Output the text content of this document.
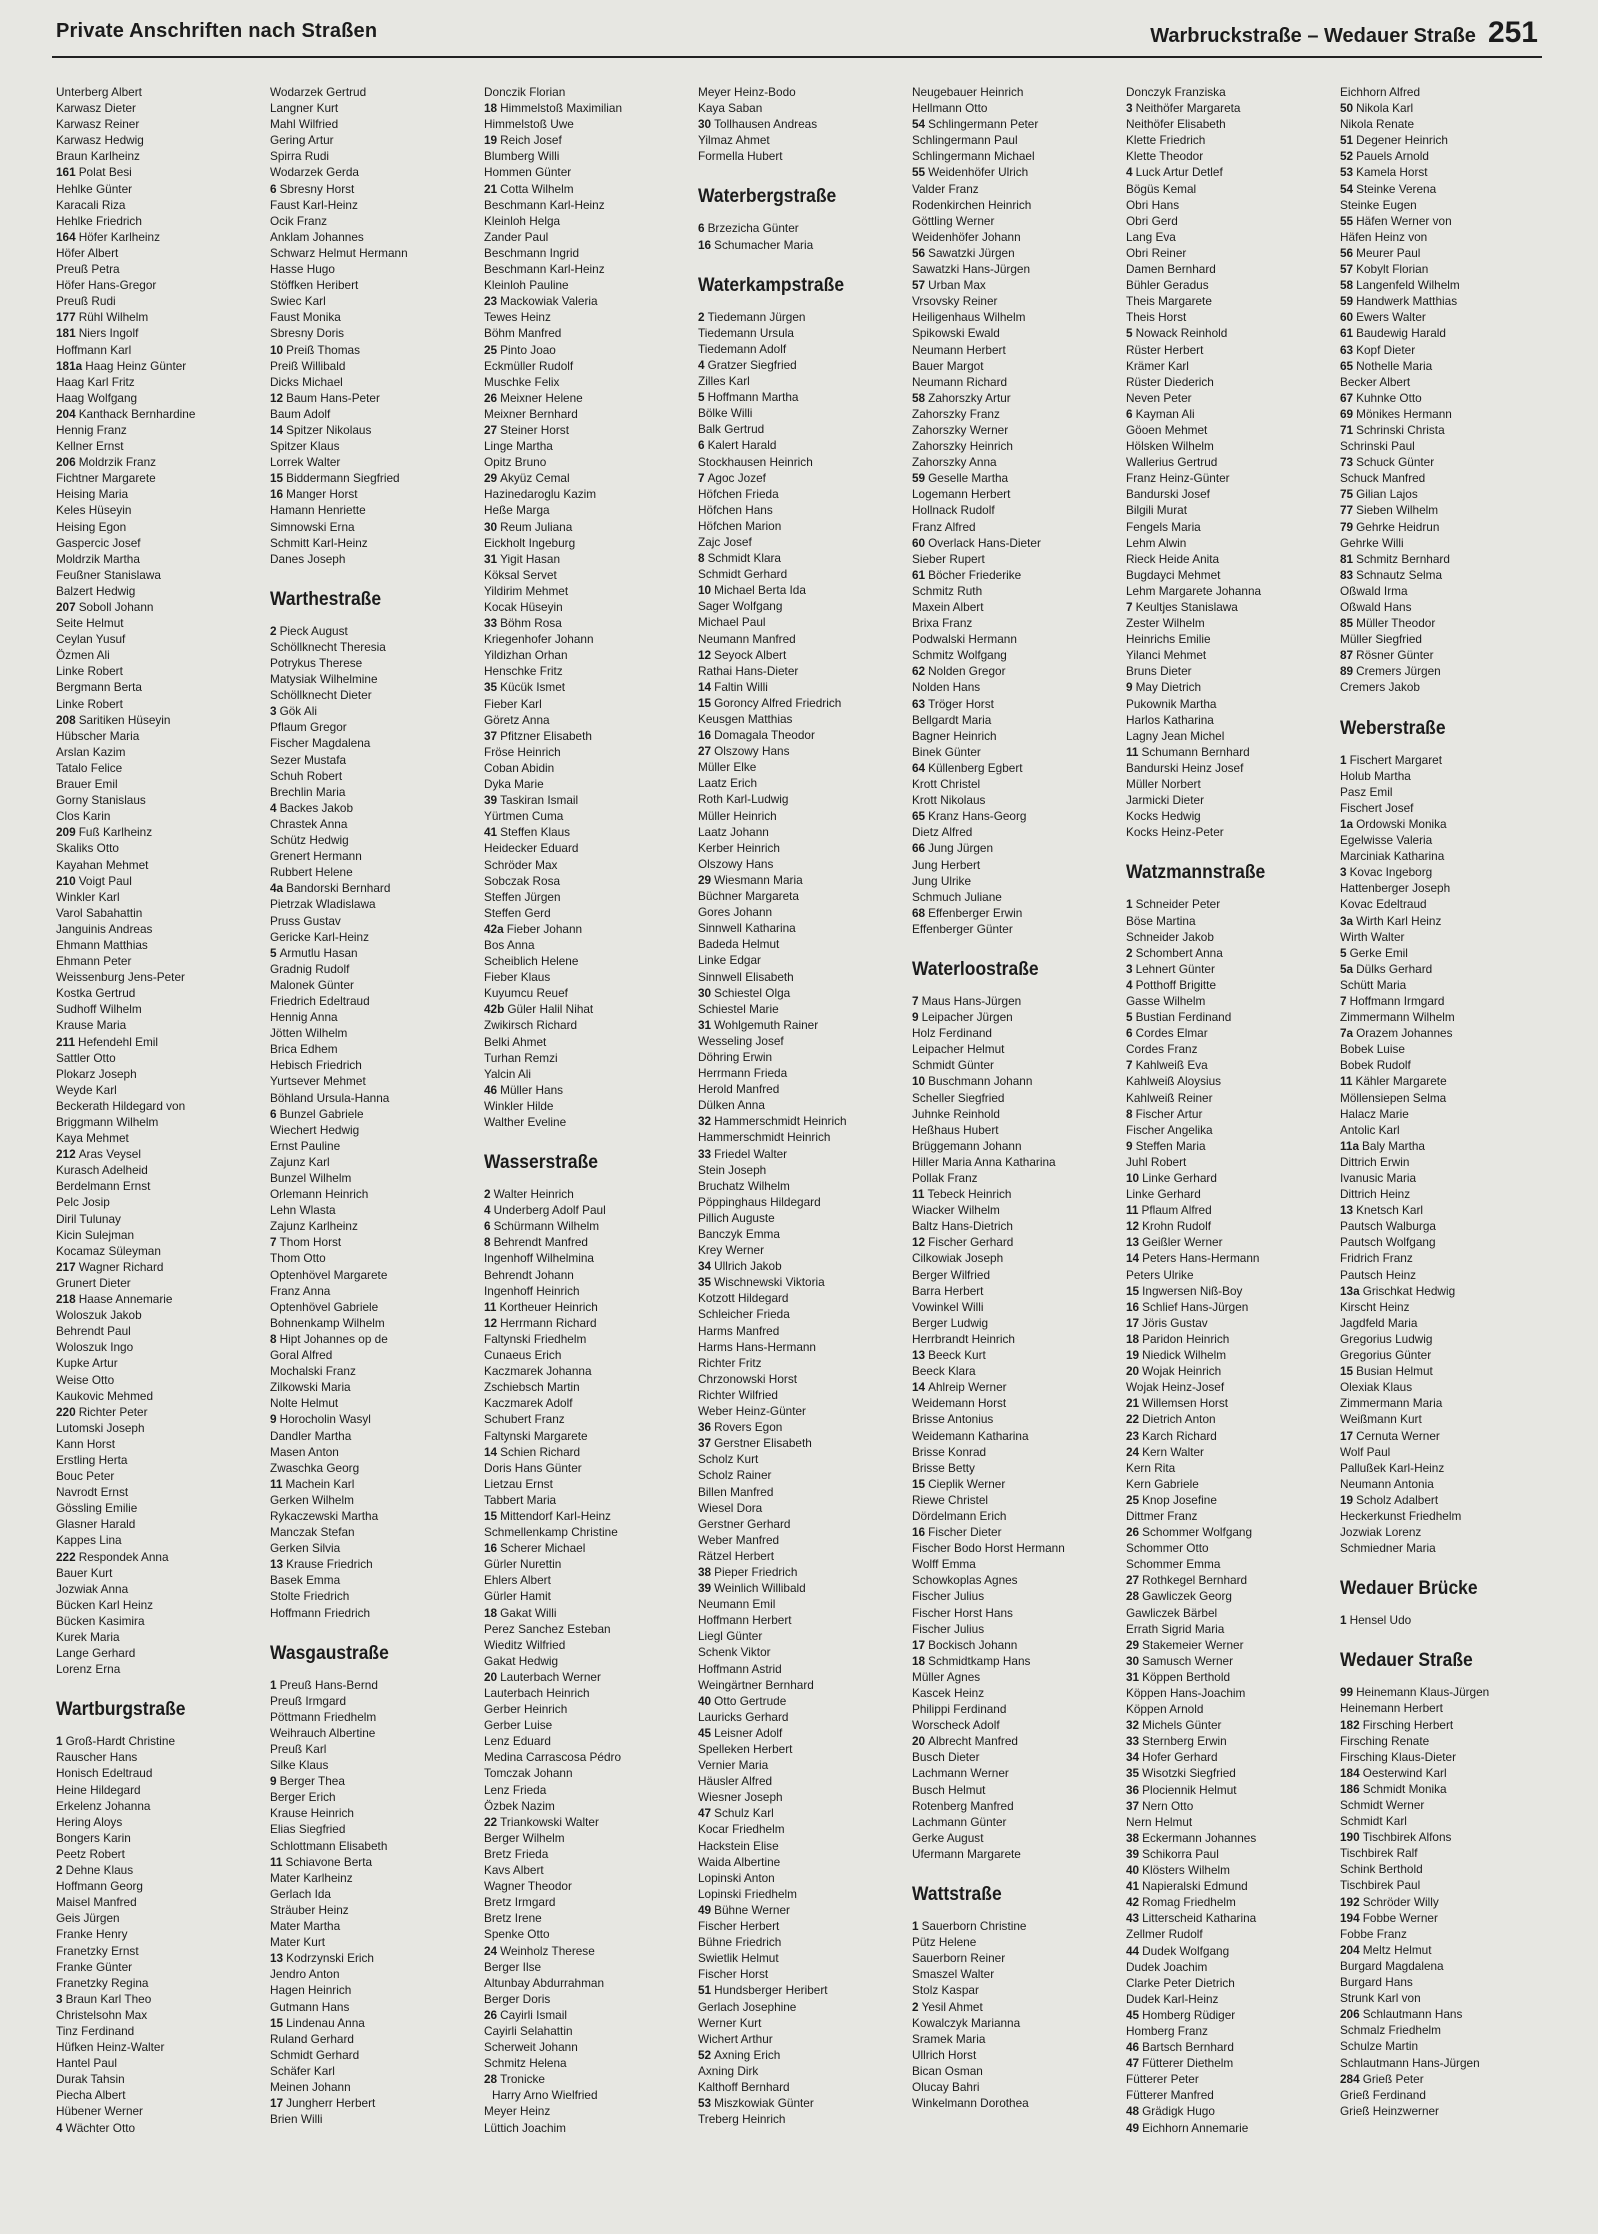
Private Anschriften nach Straßen	Warbruckstraße – Wedauer Straße 251
Unterberg Albert
Karwasz Dieter
Karwasz Reiner
Karwasz Hedwig
Braun Karlheinz
161 Polat Besi
Hehlke Günter
Karacali Riza
Hehlke Friedrich
164 Höfer Karlheinz
Höfer Albert
Preuß Petra
Höfer Hans-Gregor
Preuß Rudi
177 Rühl Wilhelm
181 Niers Ingolf
Hoffmann Karl
181a Haag Heinz Günter
Haag Karl Fritz
Haag Wolfgang
204 Kanthack Bernhardine
Hennig Franz
Kellner Ernst
206 Moldrzik Franz
Fichtner Margarete
Heising Maria
Keles Hüseyin
Heising Egon
Gaspercic Josef
Moldrzik Martha
Feußner Stanislawa
Balzert Hedwig
207 Soboll Johann
Seite Helmut
Ceylan Yusuf
Özmen Ali
Linke Robert
Bergmann Berta
Linke Robert
208 Saritiken Hüseyin
Hübscher Maria
Arslan Kazim
Tatalo Felice
Brauer Emil
Gorny Stanislaus
Clos Karin
209 Fuß Karlheinz
Skaliks Otto
Kayahan Mehmet
210 Voigt Paul
Winkler Karl
Varol Sabahattin
Janguinis Andreas
Ehmann Matthias
Ehmann Peter
Weissenburg Jens-Peter
Kostka Gertrud
Sudhoff Wilhelm
Krause Maria
211 Hefendehl Emil
Sattler Otto
Plokarz Joseph
Weyde Karl
Beckerath Hildegard von
Briggmann Wilhelm
Kaya Mehmet
212 Aras Veysel
Kurasch Adelheid
Berdelmann Ernst
Pelc Josip
Diril Tulunay
Kicin Sulejman
Kocamaz Süleyman
217 Wagner Richard
Grunert Dieter
218 Haase Annemarie
Woloszuk Jakob
Behrendt Paul
Woloszuk Ingo
Kupke Artur
Weise Otto
Kaukovic Mehmed
220 Richter Peter
Lutomski Joseph
Kann Horst
Erstling Herta
Bouc Peter
Navrodt Ernst
Gössling Emilie
Glasner Harald
Kappes Lina
222 Respondek Anna
Bauer Kurt
Jozwiak Anna
Bücken Karl Heinz
Bücken Kasimira
Kurek Maria
Lange Gerhard
Lorenz Erna
Wartburgstraße
1 Groß-Hardt Christine
Rauscher Hans
Honisch Edeltraud
Heine Hildegard
Erkelenz Johanna
Hering Aloys
Bongers Karin
Peetz Robert
2 Dehne Klaus
Hoffmann Georg
Maisel Manfred
Geis Jürgen
Franke Henry
Franetzky Ernst
Franke Günter
Franetzky Regina
3 Braun Karl Theo
Christelsohn Max
Tinz Ferdinand
Hüfken Heinz-Walter
Hantel Paul
Durak Tahsin
Piecha Albert
Hübener Werner
4 Wächter Otto
Wodarzek Gertrud
Langner Kurt
Mahl Wilfried
Gering Artur
Spirra Rudi
Wodarzek Gerda
6 Sbresny Horst
Faust Karl-Heinz
Ocik Franz
Anklam Johannes
Schwarz Helmut Hermann
Hasse Hugo
Stöffken Heribert
Swiec Karl
Faust Monika
Sbresny Doris
10 Preiß Thomas
Preiß Willibald
Dicks Michael
12 Baum Hans-Peter
Baum Adolf
14 Spitzer Nikolaus
Spitzer Klaus
Lorrek Walter
15 Biddermann Siegfried
16 Manger Horst
Hamann Henriette
Simnowski Erna
Schmitt Karl-Heinz
Danes Joseph
Warthestraße
2 Pieck August
Schöllknecht Theresia
Potrykus Therese
Matysiak Wilhelmine
Schöllknecht Dieter
3 Gök Ali
Pflaum Gregor
Fischer Magdalena
Sezer Mustafa
Schuh Robert
Brechlin Maria
4 Backes Jakob
Chrastek Anna
Schütz Hedwig
Grenert Hermann
Rubbert Helene
4a Bandorski Bernhard
Pietrzak Wladislawa
Pruss Gustav
Gericke Karl-Heinz
5 Armutlu Hasan
Gradnig Rudolf
Malonek Günter
Friedrich Edeltraud
Hennig Anna
Jötten Wilhelm
Brica Edhem
Hebisch Friedrich
Yurtsever Mehmet
Böhland Ursula-Hanna
6 Bunzel Gabriele
Wiechert Hedwig
Ernst Pauline
Zajunz Karl
Bunzel Wilhelm
Orlemann Heinrich
Lehn Wlasta
Zajunz Karlheinz
7 Thom Horst
Thom Otto
Optenhövel Margarete
Franz Anna
Optenhövel Gabriele
Bohnenkamp Wilhelm
8 Hipt Johannes op de
Goral Alfred
Mochalski Franz
Zilkowski Maria
Nolte Helmut
9 Horocholin Wasyl
Dandler Martha
Masen Anton
Zwaschka Georg
11 Machein Karl
Gerken Wilhelm
Rykaczewski Martha
Manczak Stefan
Gerken Silvia
13 Krause Friedrich
Basek Emma
Stolte Friedrich
Hoffmann Friedrich
Wasgaustraße
1 Preuß Hans-Bernd
Preuß Irmgard
Pöttmann Friedhelm
Weihrauch Albertine
Preuß Karl
Silke Klaus
9 Berger Thea
Berger Erich
Krause Heinrich
Elias Siegfried
Schlottmann Elisabeth
11 Schiavone Berta
Mater Karlheinz
Gerlach Ida
Sträuber Heinz
Mater Martha
Mater Kurt
13 Kodrzynski Erich
Jendro Anton
Hagen Heinrich
Gutmann Hans
15 Lindenau Anna
Ruland Gerhard
Schmidt Gerhard
Schäfer Karl
Meinen Johann
17 Jungherr Herbert
Brien Willi
Donczik Florian
18 Himmelstoß Maximilian
Himmelstoß Uwe
19 Reich Josef
Blumberg Willi
Hommen Günter
21 Cotta Wilhelm
Beschmann Karl-Heinz
Kleinloh Helga
Zander Paul
Beschmann Ingrid
Beschmann Karl-Heinz
Kleinloh Pauline
23 Mackowiak Valeria
Tewes Heinz
Böhm Manfred
25 Pinto Joao
Eckmüller Rudolf
Muschke Felix
26 Meixner Helene
Meixner Bernhard
27 Steiner Horst
Linge Martha
Opitz Bruno
29 Akyüz Cemal
Hazinedaroglu Kazim
Heße Marga
30 Reum Juliana
Eickholt Ingeburg
31 Yigit Hasan
Köksal Servet
Yildirim Mehmet
Kocak Hüseyin
33 Böhm Rosa
Kriegenhofer Johann
Yildizhan Orhan
Henschke Fritz
35 Kücük Ismet
Fieber Karl
Göretz Anna
37 Pfitzner Elisabeth
Fröse Heinrich
Coban Abidin
Dyka Marie
39 Taskiran Ismail
Yürtmen Cuma
41 Steffen Klaus
Heidecker Eduard
Schröder Max
Sobczak Rosa
Steffen Jürgen
Steffen Gerd
42a Fieber Johann
Bos Anna
Scheiblich Helene
Fieber Klaus
Kuyumcu Reuef
42b Güler Halil Nihat
Zwikirsch Richard
Belki Ahmet
Turhan Remzi
Yalcin Ali
46 Müller Hans
Winkler Hilde
Walther Eveline
Wasserstraße
2 Walter Heinrich
4 Underberg Adolf Paul
6 Schürmann Wilhelm
8 Behrendt Manfred
Ingenhoff Wilhelmina
Behrendt Johann
Ingenhoff Heinrich
11 Kortheuer Heinrich
12 Herrmann Richard
Faltynski Friedhelm
Cunaeus Erich
Kaczmarek Johanna
Zschiebsch Martin
Kaczmarek Adolf
Schubert Franz
Faltynski Margarete
14 Schien Richard
Doris Hans Günter
Lietzau Ernst
Tabbert Maria
15 Mittendorf Karl-Heinz
Schmellenkamp Christine
16 Scherer Michael
Gürler Nurettin
Ehlers Albert
Gürler Hamit
18 Gakat Willi
Perez Sanchez Esteban
Wieditz Wilfried
Gakat Hedwig
20 Lauterbach Werner
Lauterbach Heinrich
Gerber Heinrich
Gerber Luise
Lenz Eduard
Medina Carrascosa Pédro
Tomczak Johann
Lenz Frieda
Özbek Nazim
22 Triankowski Walter
Berger Wilhelm
Bretz Frieda
Kavs Albert
Wagner Theodor
Bretz Irmgard
Bretz Irene
Spenke Otto
24 Weinholz Therese
Berger Ilse
Altunbay Abdurrahman
Berger Doris
26 Cayirli Ismail
Cayirli Selahattin
Scherweit Johann
Schmitz Helena
28 Tronicke
Harry Arno Wielfried
Meyer Heinz
Lüttich Joachim
Meyer Heinz-Bodo
Kaya Saban
30 Tollhausen Andreas
Yilmaz Ahmet
Formella Hubert
Waterbergstraße
6 Brzezicha Günter
16 Schumacher Maria
Waterkampstraße
2 Tiedemann Jürgen
Tiedemann Ursula
Tiedemann Adolf
4 Gratzer Siegfried
Zilles Karl
5 Hoffmann Martha
Bölke Willi
Balk Gertrud
6 Kalert Harald
Stockhausen Heinrich
7 Agoc Jozef
Höfchen Frieda
Höfchen Hans
Höfchen Marion
Zajc Josef
8 Schmidt Klara
Schmidt Gerhard
10 Michael Berta Ida
Sager Wolfgang
Michael Paul
Neumann Manfred
12 Seyock Albert
Rathai Hans-Dieter
14 Faltin Willi
15 Goroncy Alfred Friedrich
Keusgen Matthias
16 Domagala Theodor
27 Olszowy Hans
Müller Elke
Laatz Erich
Roth Karl-Ludwig
Müller Heinrich
Laatz Johann
Kerber Heinrich
Olszowy Hans
29 Wiesmann Maria
Büchner Margareta
Gores Johann
Sinnwell Katharina
Badeda Helmut
Linke Edgar
Sinnwell Elisabeth
30 Schiestel Olga
Schiestel Marie
31 Wohlgemuth Rainer
Wesseling Josef
Döhring Erwin
Herrmann Frieda
Herold Manfred
Dülken Anna
32 Hammerschmidt Heinrich
Hammerschmidt Heinrich
33 Friedel Walter
Stein Joseph
Bruchatz Wilhelm
Pöppinghaus Hildegard
Pillich Auguste
Banczyk Emma
Krey Werner
34 Ullrich Jakob
35 Wischnewski Viktoria
Kotzott Hildegard
Schleicher Frieda
Harms Manfred
Harms Hans-Hermann
Richter Fritz
Chrzonowski Horst
Richter Wilfried
Weber Heinz-Günter
36 Rovers Egon
37 Gerstner Elisabeth
Scholz Kurt
Scholz Rainer
Billen Manfred
Wiesel Dora
Gerstner Gerhard
Weber Manfred
Rätzel Herbert
38 Pieper Friedrich
39 Weinlich Willibald
Neumann Emil
Hoffmann Herbert
Liegl Günter
Schenk Viktor
Hoffmann Astrid
Weingärtner Bernhard
40 Otto Gertrude
Lauricks Gerhard
45 Leisner Adolf
Spelleken Herbert
Vernier Maria
Häusler Alfred
Wiesner Joseph
47 Schulz Karl
Kocar Friedhelm
Hackstein Elise
Waida Albertine
Lopinski Anton
Lopinski Friedhelm
49 Bühne Werner
Fischer Herbert
Bühne Friedrich
Swietlik Helmut
Fischer Horst
51 Hundsberger Heribert
Gerlach Josephine
Werner Kurt
Wichert Arthur
52 Axning Erich
Axning Dirk
Kalthoff Bernhard
53 Miszkowiak Günter
Treberg Heinrich
Neugebauer Heinrich
Hellmann Otto
54 Schlingermann Peter
Schlingermann Paul
Schlingermann Michael
55 Weidenhöfer Ulrich
Valder Franz
Rodenkirchen Heinrich
Göttling Werner
Weidenhöfer Johann
56 Sawatzki Jürgen
Sawatzki Hans-Jürgen
57 Urban Max
Vrsovsky Reiner
Heiligenhaus Wilhelm
Spikowski Ewald
Neumann Herbert
Bauer Margot
Neumann Richard
58 Zahorszky Artur
Zahorszky Franz
Zahorszky Werner
Zahorszky Heinrich
Zahorszky Anna
59 Geselle Martha
Logemann Herbert
Hollnack Rudolf
Franz Alfred
60 Overlack Hans-Dieter
Sieber Rupert
61 Böcher Friederike
Schmitz Ruth
Maxein Albert
Brixa Franz
Podwalski Hermann
Schmitz Wolfgang
62 Nolden Gregor
Nolden Hans
63 Tröger Horst
Bellgardt Maria
Bagner Heinrich
Binek Günter
64 Küllenberg Egbert
Krott Christel
Krott Nikolaus
65 Kranz Hans-Georg
Dietz Alfred
66 Jung Jürgen
Jung Herbert
Jung Ulrike
Schmuch Juliane
68 Effenberger Erwin
Effenberger Günter
Waterloostraße
7 Maus Hans-Jürgen
9 Leipacher Jürgen
Holz Ferdinand
Leipacher Helmut
Schmidt Günter
10 Buschmann Johann
Scheller Siegfried
Juhnke Reinhold
Heßhaus Hubert
Brüggemann Johann
Hiller Maria Anna Katharina
Pollak Franz
11 Tebeck Heinrich
Wiacker Wilhelm
Baltz Hans-Dietrich
12 Fischer Gerhard
Cilkowiak Joseph
Berger Wilfried
Barra Herbert
Vowinkel Willi
Berger Ludwig
Herrbrandt Heinrich
13 Beeck Kurt
Beeck Klara
14 Ahlreip Werner
Weidemann Horst
Brisse Antonius
Weidemann Katharina
Brisse Konrad
Brisse Betty
15 Cieplik Werner
Riewe Christel
Dördelmann Erich
16 Fischer Dieter
Fischer Bodo Horst Hermann
Wolff Emma
Schowkoplas Agnes
Fischer Julius
Fischer Horst Hans
Fischer Julius
17 Bockisch Johann
18 Schmidtkamp Hans
Müller Agnes
Kascek Heinz
Philippi Ferdinand
Worscheck Adolf
20 Albrecht Manfred
Busch Dieter
Lachmann Werner
Busch Helmut
Rotenberg Manfred
Lachmann Günter
Gerke August
Ufermann Margarete
Wattstraße
1 Sauerborn Christine
Pütz Helene
Sauerborn Reiner
Smaszel Walter
Stolz Kaspar
2 Yesil Ahmet
Kowalczyk Marianna
Sramek Maria
Ullrich Horst
Bican Osman
Olucay Bahri
Winkelmann Dorothea
Donczyk Franziska
3 Neithöfer Margareta
Neithöfer Elisabeth
Klette Friedrich
Klette Theodor
4 Luck Artur Detlef
Bögüs Kemal
Obri Hans
Obri Gerd
Lang Eva
Obri Reiner
Damen Bernhard
Bühler Geradus
Theis Margarete
Theis Horst
5 Nowack Reinhold
Rüster Herbert
Krämer Karl
Rüster Diederich
Neven Peter
6 Kayman Ali
Göoen Mehmet
Hölsken Wilhelm
Wallerius Gertrud
Franz Heinz-Günter
Bandurski Josef
Bilgili Murat
Fengels Maria
Lehm Alwin
Rieck Heide Anita
Bugdayci Mehmet
Lehm Margarete Johanna
7 Keultjes Stanislawa
Zester Wilhelm
Heinrichs Emilie
Yilanci Mehmet
Bruns Dieter
9 May Dietrich
Pukownik Martha
Harlos Katharina
Lagny Jean Michel
11 Schumann Bernhard
Bandurski Heinz Josef
Müller Norbert
Jarmicki Dieter
Kocks Hedwig
Kocks Heinz-Peter
Watzmannstraße
1 Schneider Peter
Böse Martina
Schneider Jakob
2 Schombert Anna
3 Lehnert Günter
4 Potthoff Brigitte
Gasse Wilhelm
5 Bustian Ferdinand
6 Cordes Elmar
Cordes Franz
7 Kahlweiß Eva
Kahlweiß Aloysius
Kahlweiß Reiner
8 Fischer Artur
Fischer Angelika
9 Steffen Maria
Juhl Robert
10 Linke Gerhard
Linke Gerhard
11 Pflaum Alfred
12 Krohn Rudolf
13 Geißler Werner
14 Peters Hans-Hermann
Peters Ulrike
15 Ingwersen Niß-Boy
16 Schlief Hans-Jürgen
17 Jöris Gustav
18 Paridon Heinrich
19 Niedick Wilhelm
20 Wojak Heinrich
Wojak Heinz-Josef
21 Willemsen Horst
22 Dietrich Anton
23 Karch Richard
24 Kern Walter
Kern Rita
Kern Gabriele
25 Knop Josefine
Dittmer Franz
26 Schommer Wolfgang
Schommer Otto
Schommer Emma
27 Rothkegel Bernhard
28 Gawliczek Georg
Gawliczek Bärbel
Errath Sigrid Maria
29 Stakemeier Werner
30 Samusch Werner
31 Köppen Berthold
Köppen Hans-Joachim
Köppen Arnold
32 Michels Günter
33 Sternberg Erwin
34 Hofer Gerhard
35 Wisotzki Siegfried
36 Plociennik Helmut
37 Nern Otto
Nern Helmut
38 Eckermann Johannes
39 Schikorra Paul
40 Klösters Wilhelm
41 Napieralski Edmund
42 Romag Friedhelm
43 Litterscheid Katharina
Zellmer Rudolf
44 Dudek Wolfgang
Dudek Joachim
Clarke Peter Dietrich
Dudek Karl-Heinz
45 Homberg Rüdiger
Homberg Franz
46 Bartsch Bernhard
47 Fütterer Diethelm
Fütterer Peter
Fütterer Manfred
48 Grädigk Hugo
49 Eichhorn Annemarie
Eichhorn Alfred
50 Nikola Karl
Nikola Renate
51 Degener Heinrich
52 Pauels Arnold
53 Kamela Horst
54 Steinke Verena
Steinke Eugen
55 Häfen Werner von
Häfen Heinz von
56 Meurer Paul
57 Kobylt Florian
58 Langenfeld Wilhelm
59 Handwerk Matthias
60 Ewers Walter
61 Baudewig Harald
63 Kopf Dieter
65 Nothelle Maria
Becker Albert
67 Kuhnke Otto
69 Mönikes Hermann
71 Schrinski Christa
Schrinski Paul
73 Schuck Günter
Schuck Manfred
75 Gilian Lajos
77 Sieben Wilhelm
79 Gehrke Heidrun
Gehrke Willi
81 Schmitz Bernhard
83 Schnautz Selma
Oßwald Irma
Oßwald Hans
85 Müller Theodor
Müller Siegfried
87 Rösner Günter
89 Cremers Jürgen
Cremers Jakob
Weberstraße
1 Fischert Margaret
Holub Martha
Pasz Emil
Fischert Josef
1a Ordowski Monika
Egelwisse Valeria
Marciniak Katharina
3 Kovac Ingeborg
Hattenberger Joseph
Kovac Edeltraud
3a Wirth Karl Heinz
Wirth Walter
5 Gerke Emil
5a Dülks Gerhard
Schütt Maria
7 Hoffmann Irmgard
Zimmermann Wilhelm
7a Orazem Johannes
Bobek Luise
Bobek Rudolf
11 Kähler Margarete
Möllensiepen Selma
Halacz Marie
Antolic Karl
11a Baly Martha
Dittrich Erwin
Ivanusic Maria
Dittrich Heinz
13 Knetsch Karl
Pautsch Walburga
Pautsch Wolfgang
Fridrich Franz
Pautsch Heinz
13a Grischkat Hedwig
Kirscht Heinz
Jagdfeld Maria
Gregorius Ludwig
Gregorius Günter
15 Busian Helmut
Olexiak Klaus
Zimmermann Maria
Weißmann Kurt
17 Cernuta Werner
Wolf Paul
Pallußek Karl-Heinz
Neumann Antonia
19 Scholz Adalbert
Heckerkunst Friedhelm
Jozwiak Lorenz
Schmiedner Maria
Wedauer Brücke
1 Hensel Udo
Wedauer Straße
99 Heinemann Klaus-Jürgen
Heinemann Herbert
182 Firsching Herbert
Firsching Renate
Firsching Klaus-Dieter
184 Oesterwind Karl
186 Schmidt Monika
Schmidt Werner
Schmidt Karl
190 Tischbirek Alfons
Tischbirek Ralf
Schink Berthold
Tischbirek Paul
192 Schröder Willy
194 Fobbe Werner
Fobbe Franz
204 Meltz Helmut
Burgard Magdalena
Burgard Hans
Strunk Karl von
206 Schlautmann Hans
Schmalz Friedhelm
Schulze Martin
Schlautmann Hans-Jürgen
284 Grieß Peter
Grieß Ferdinand
Grieß Heinzwerner
